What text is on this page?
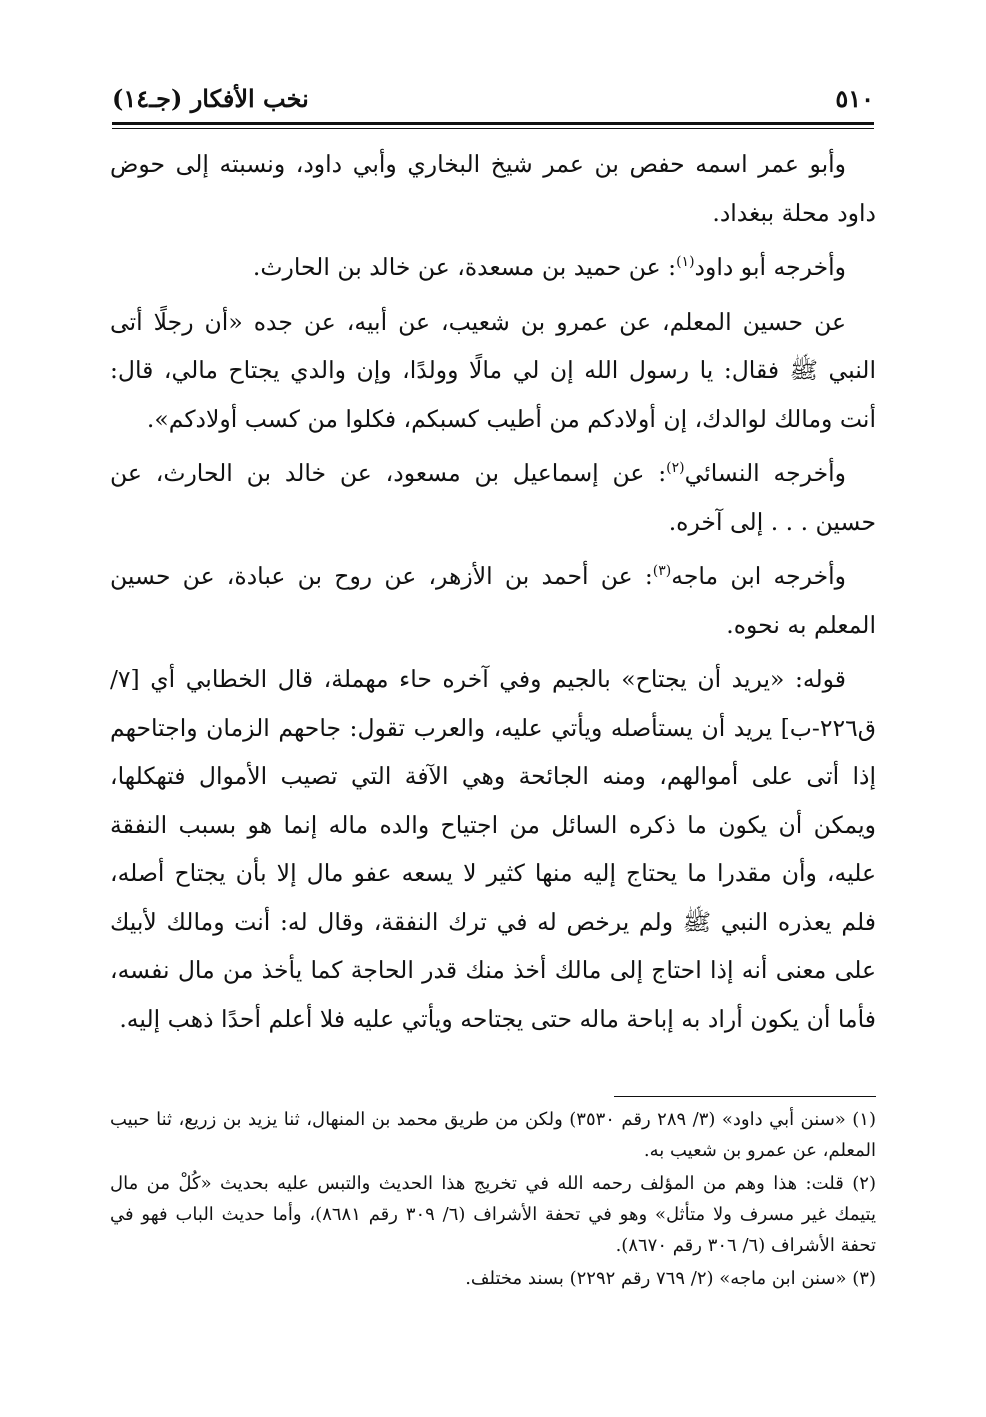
٥١٠
نخب الأفكار (جـ١٤)

وأبو عمر اسمه حفص بن عمر شيخ البخاري وأبي داود، ونسبته إلى حوض داود محلة ببغداد.

وأخرجه أبو داود$^{(١)}$: عن حميد بن مسعدة، عن خالد بن الحارث.

عن حسين المعلم، عن عمرو بن شعيب، عن أبيه، عن جده «أن رجلًا أتى النبي ﷺ فقال: يا رسول الله إن لي مالًا وولدًا، وإن والدي يجتاح مالي، قال: أنت ومالك لوالدك، إن أولادكم من أطيب كسبكم، فكلوا من كسب أولادكم».

وأخرجه النسائي$^{(٢)}$: عن إسماعيل بن مسعود، عن خالد بن الحارث، عن حسين . . . إلى آخره.

وأخرجه ابن ماجه$^{(٣)}$: عن أحمد بن الأزهر، عن روح بن عبادة، عن حسين المعلم به نحوه.

قوله: «يريد أن يجتاح» بالجيم وفي آخره حاء مهملة، قال الخطابي أي [٧/ ق٢٢٦-ب] يريد أن يستأصله ويأتي عليه، والعرب تقول: جاحهم الزمان واجتاحهم إذا أتى على أموالهم، ومنه الجائحة وهي الآفة التي تصيب الأموال فتهكلها، ويمكن أن يكون ما ذكره السائل من اجتياح والده ماله إنما هو بسبب النفقة عليه، وأن مقدرا ما يحتاج إليه منها كثير لا يسعه عفو مال إلا بأن يجتاح أصله، فلم يعذره النبي ﷺ ولم يرخص له في ترك النفقة، وقال له: أنت ومالك لأبيك على معنى أنه إذا احتاج إلى مالك أخذ منك قدر الحاجة كما يأخذ من مال نفسه، فأما أن يكون أراد به إباحة ماله حتى يجتاحه ويأتي عليه فلا أعلم أحدًا ذهب إليه.

(١) «سنن أبي داود» (٣/ ٢٨٩ رقم ٣٥٣٠) ولكن من طريق محمد بن المنهال، ثنا يزيد بن زريع، ثنا حبيب المعلم، عن عمرو بن شعيب به.

(٢) قلت: هذا وهم من المؤلف رحمه الله في تخريج هذا الحديث والتبس عليه بحديث «كُلْ من مال يتيمك غير مسرف ولا متأثل» وهو في تحفة الأشراف (٦/ ٣٠٩ رقم ٨٦٨١)، وأما حديث الباب فهو في تحفة الأشراف (٦/ ٣٠٦ رقم ٨٦٧٠).

(٣) «سنن ابن ماجه» (٢/ ٧٦٩ رقم ٢٢٩٢) بسند مختلف.
